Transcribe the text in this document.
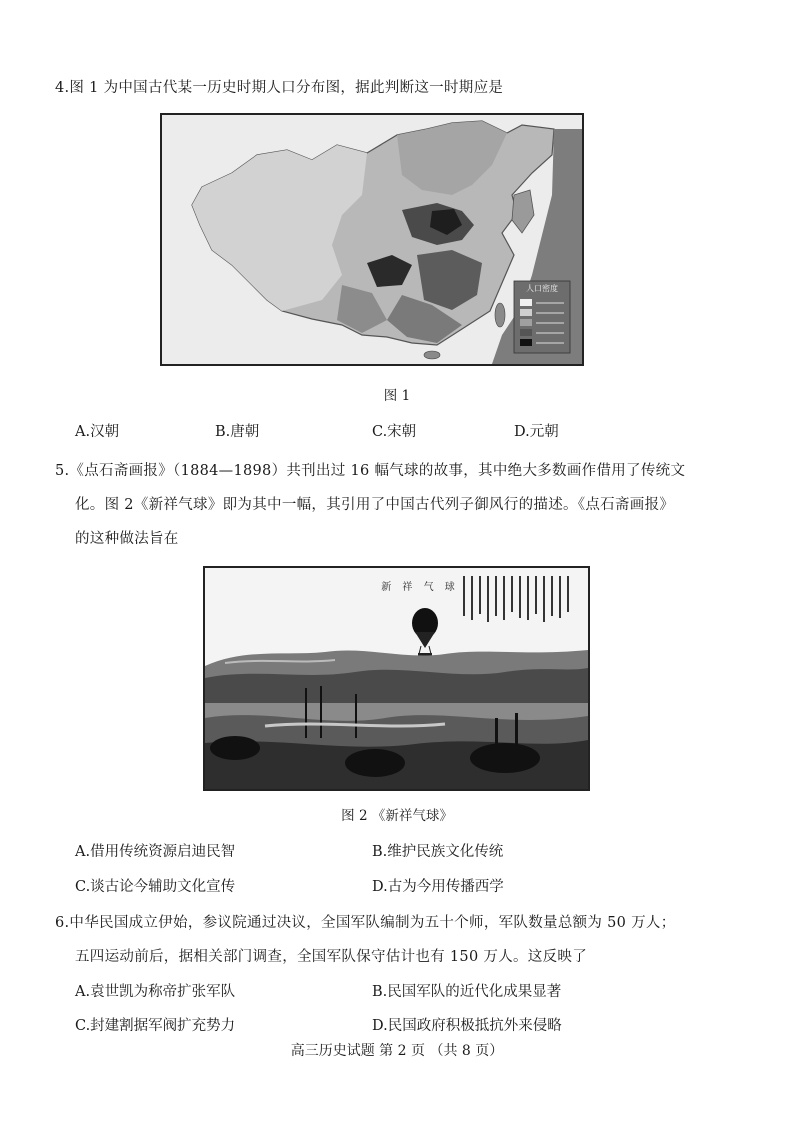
4.图 1 为中国古代某一历史时期人口分布图，据此判断这一时期应是
人口密度
图 1
A.汉朝	B.唐朝	C.宋朝	D.元朝
5.《点石斋画报》（1884—1898）共刊出过 16 幅气球的故事，其中绝大多数画作借用了传统文
化。图 2《新祥气球》即为其中一幅，其引用了中国古代列子御风行的描述。《点石斋画报》
的这种做法旨在
新 祥 气 球
图 2 《新祥气球》
A.借用传统资源启迪民智	B.维护民族文化传统
C.谈古论今辅助文化宣传	D.古为今用传播西学
6.中华民国成立伊始，参议院通过决议，全国军队编制为五十个师，军队数量总额为 50 万人；
五四运动前后，据相关部门调查，全国军队保守估计也有 150 万人。这反映了
A.袁世凯为称帝扩张军队	B.民国军队的近代化成果显著
C.封建割据军阀扩充势力	D.民国政府积极抵抗外来侵略
高三历史试题 第 2 页 （共 8 页）
